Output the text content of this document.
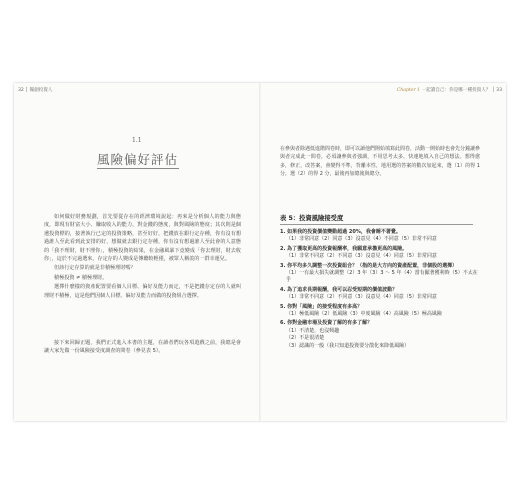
32 │ 獨創投資人	Chapter 1 一起讀自己：你是哪一種投資人？ │ 33
1.1
風險偏好評估

如何做好財務規劃，首先要從存在的經濟環境說起：再來是分析個人的能力與態度，即現有財富大小、賺取收入的能力、對金錢的態度，與對風險的態度；其次則是個遺投資標的，接著執行已定的投資策略，甚至好好，把錢放在銀行定存種，你有沒有想過誰人至此看到此安排的好，想做就去銀行定存種，你有沒有想過誰人至此會的人意態的「我不理財，財不理你」，積極投資的結果，在金融風暴下竟變成「你去理財，財去收你」，這於不完過選來，存定存的人變成是傳聽較輕僅，被眾人稱羨的一群幸運兒。

但該行定存算的就是非積極理財嗎？

積極投資 ≠ 積極理財。

選擇什麼樣的資產配置要看個人目標、偏好及能力而定，不是把錢存定存的人就叫理財不積極，這是他們因個人目標、偏好及能力而做的投資組合選擇。

接下來回歸正題，我們正式進入本書的主題，在讀者們玩各項遊戲之前，我總是會讓大家先做一份風險接受度調查的問卷（參見表 5）。

在參與者除遇低進階問卷時，即可以讀他們開始填寫此問卷，活動一開始時也會先分鐘讓參與者完成此一問卷，必須讓參與者強調，不用思考太多，快速地填入自己的想法。想得愈多，修正，改答案，會變得不準，背離本性，地用選的答案的數次加起來，選（1）的得 1 分，選（2）的得 2 分，最後再加總後與總分。
表 5：投資風險接受度
1. 如果我的投資價值變動超過 20%，我會睡不著覺。
（1）非常同意（2）同意（3）沒意見（4）不同意（5）非常不同意
2. 為了獲取更高的投資報酬率，我願意承擔更高的風險。
（1）非常不同意（2）不同意（3）沒意見（4）同意（5）非常同意
3. 你平均多久調整一次投資組合？（指的是大方向的資產配置，非個股的選擇）
（1）一有最大損失就調整（2）3 年（3）3 ～ 5 年（4）當有顯著獲利時（5）不太在乎
4. 為了追求長期報酬，我可以忍受短期的價值波動？
（1）非常不同意（2）不同意（3）沒意見（4）同意（5）非常同意
5. 你對「風險」的接受程度有多高？
（1）極低風險（2）低風險（3）中度風險（4）高風險（5）極高風險
6. 你對金融市場及投資了解的有多了解？
（1）不清楚，也沒興趣
（2）不是很清楚
（3）認識的一般（我只知道投資要分散化來降低風險）
